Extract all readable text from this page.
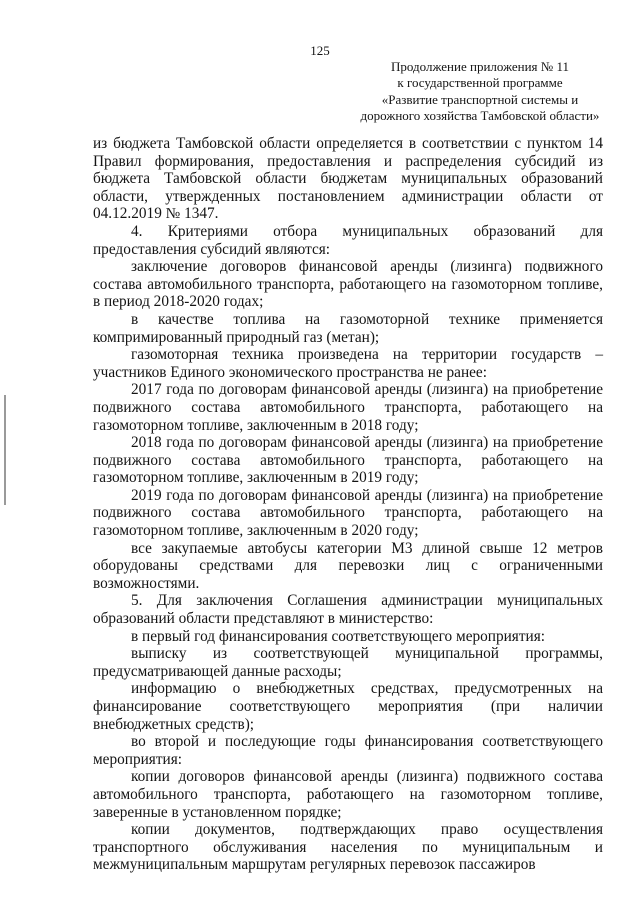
125
Продолжение приложения № 11
к государственной программе
«Развитие транспортной системы и
дорожного хозяйства Тамбовской области»

из бюджета Тамбовской области определяется в соответствии с пунктом 14 Правил формирования, предоставления и распределения субсидий из бюджета Тамбовской области бюджетам муниципальных образований области, утвержденных постановлением администрации области от 04.12.2019 № 1347.

4. Критериями отбора муниципальных образований для предоставления субсидий являются:

заключение договоров финансовой аренды (лизинга) подвижного состава автомобильного транспорта, работающего на газомоторном топливе, в период 2018-2020 годах;

в качестве топлива на газомоторной технике применяется компримированный природный газ (метан);

газомоторная техника произведена на территории государств – участников Единого экономического пространства не ранее:

2017 года по договорам финансовой аренды (лизинга) на приобретение подвижного состава автомобильного транспорта, работающего на газомоторном топливе, заключенным в 2018 году;

2018 года по договорам финансовой аренды (лизинга) на приобретение подвижного состава автомобильного транспорта, работающего на газомоторном топливе, заключенным в 2019 году;

2019 года по договорам финансовой аренды (лизинга) на приобретение подвижного состава автомобильного транспорта, работающего на газомоторном топливе, заключенным в 2020 году;

все закупаемые автобусы категории М3 длиной свыше 12 метров оборудованы средствами для перевозки лиц с ограниченными возможностями.

5. Для заключения Соглашения администрации муниципальных образований области представляют в министерство:

в первый год финансирования соответствующего мероприятия:

выписку из соответствующей муниципальной программы, предусматривающей данные расходы;

информацию о внебюджетных средствах, предусмотренных на финансирование соответствующего мероприятия (при наличии внебюджетных средств);

во второй и последующие годы финансирования соответствующего мероприятия:

копии договоров финансовой аренды (лизинга) подвижного состава автомобильного транспорта, работающего на газомоторном топливе, заверенные в установленном порядке;

копии документов, подтверждающих право осуществления транспортного обслуживания населения по муниципальным и межмуниципальным маршрутам регулярных перевозок пассажиров
